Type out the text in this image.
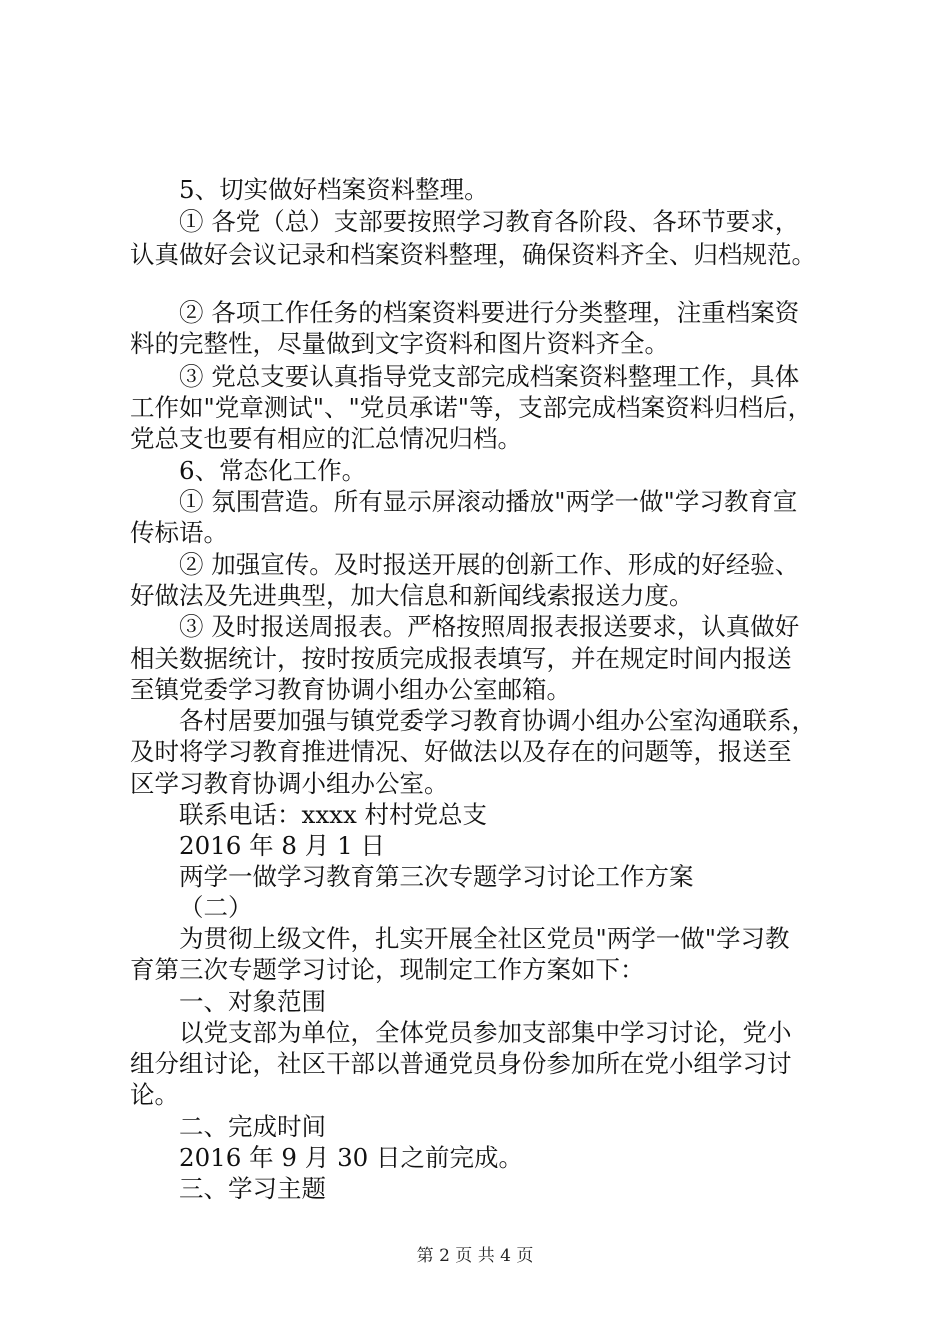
5、切实做好档案资料整理。
① 各党（总）支部要按照学习教育各阶段、各环节要求，
认真做好会议记录和档案资料整理，确保资料齐全、归档规范。
② 各项工作任务的档案资料要进行分类整理，注重档案资
料的完整性，尽量做到文字资料和图片资料齐全。
③ 党总支要认真指导党支部完成档案资料整理工作，具体
工作如"党章测试"、"党员承诺"等，支部完成档案资料归档后，
党总支也要有相应的汇总情况归档。
6、常态化工作。
① 氛围营造。所有显示屏滚动播放"两学一做"学习教育宣
传标语。
② 加强宣传。及时报送开展的创新工作、形成的好经验、
好做法及先进典型，加大信息和新闻线索报送力度。
③ 及时报送周报表。严格按照周报表报送要求，认真做好
相关数据统计，按时按质完成报表填写，并在规定时间内报送
至镇党委学习教育协调小组办公室邮箱。
各村居要加强与镇党委学习教育协调小组办公室沟通联系，
及时将学习教育推进情况、好做法以及存在的问题等，报送至
区学习教育协调小组办公室。
联系电话：xxxx 村村党总支
2016 年 8 月 1 日
两学一做学习教育第三次专题学习讨论工作方案
（二）
为贯彻上级文件，扎实开展全社区党员"两学一做"学习教
育第三次专题学习讨论，现制定工作方案如下：
一、对象范围
以党支部为单位，全体党员参加支部集中学习讨论，党小
组分组讨论，社区干部以普通党员身份参加所在党小组学习讨
论。
二、完成时间
2016 年 9 月 30 日之前完成。
三、学习主题
第 2 页 共 4 页
